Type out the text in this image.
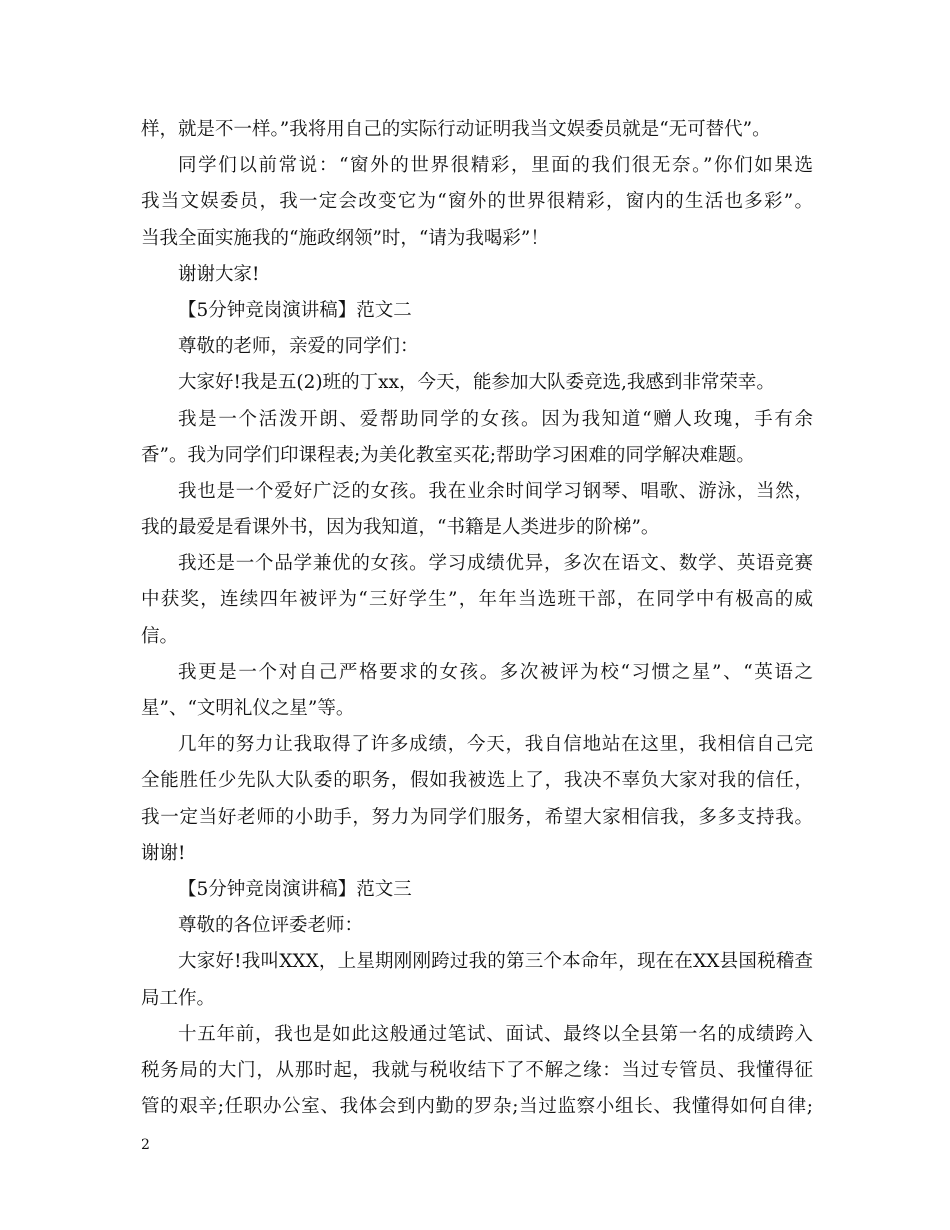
样，就是不一样。”我将用自己的实际行动证明我当文娱委员就是“无可替代”。
同学们以前常说：“窗外的世界很精彩，里面的我们很无奈。”你们如果选
我当文娱委员，我一定会改变它为“窗外的世界很精彩，窗内的生活也多彩”。
当我全面实施我的“施政纲领”时，“请为我喝彩”！
谢谢大家!
【5分钟竞岗演讲稿】范文二
尊敬的老师，亲爱的同学们：
大家好!我是五(2)班的丁xx，今天，能参加大队委竞选,我感到非常荣幸。
我是一个活泼开朗、爱帮助同学的女孩。因为我知道“赠人玫瑰，手有余
香”。我为同学们印课程表;为美化教室买花;帮助学习困难的同学解决难题。
我也是一个爱好广泛的女孩。我在业余时间学习钢琴、唱歌、游泳，当然，
我的最爱是看课外书，因为我知道，“书籍是人类进步的阶梯”。
我还是一个品学兼优的女孩。学习成绩优异，多次在语文、数学、英语竞赛
中获奖，连续四年被评为“三好学生”，年年当选班干部，在同学中有极高的威
信。
我更是一个对自己严格要求的女孩。多次被评为校“习惯之星”、“英语之
星”、“文明礼仪之星”等。
几年的努力让我取得了许多成绩，今天，我自信地站在这里，我相信自己完
全能胜任少先队大队委的职务，假如我被选上了，我决不辜负大家对我的信任，
我一定当好老师的小助手，努力为同学们服务，希望大家相信我，多多支持我。
谢谢!
【5分钟竞岗演讲稿】范文三
尊敬的各位评委老师：
大家好!我叫XXX，上星期刚刚跨过我的第三个本命年，现在在XX县国税稽查
局工作。
十五年前，我也是如此这般通过笔试、面试、最终以全县第一名的成绩跨入
税务局的大门，从那时起，我就与税收结下了不解之缘：当过专管员、我懂得征
管的艰辛;任职办公室、我体会到内勤的罗杂;当过监察小组长、我懂得如何自律;
2
